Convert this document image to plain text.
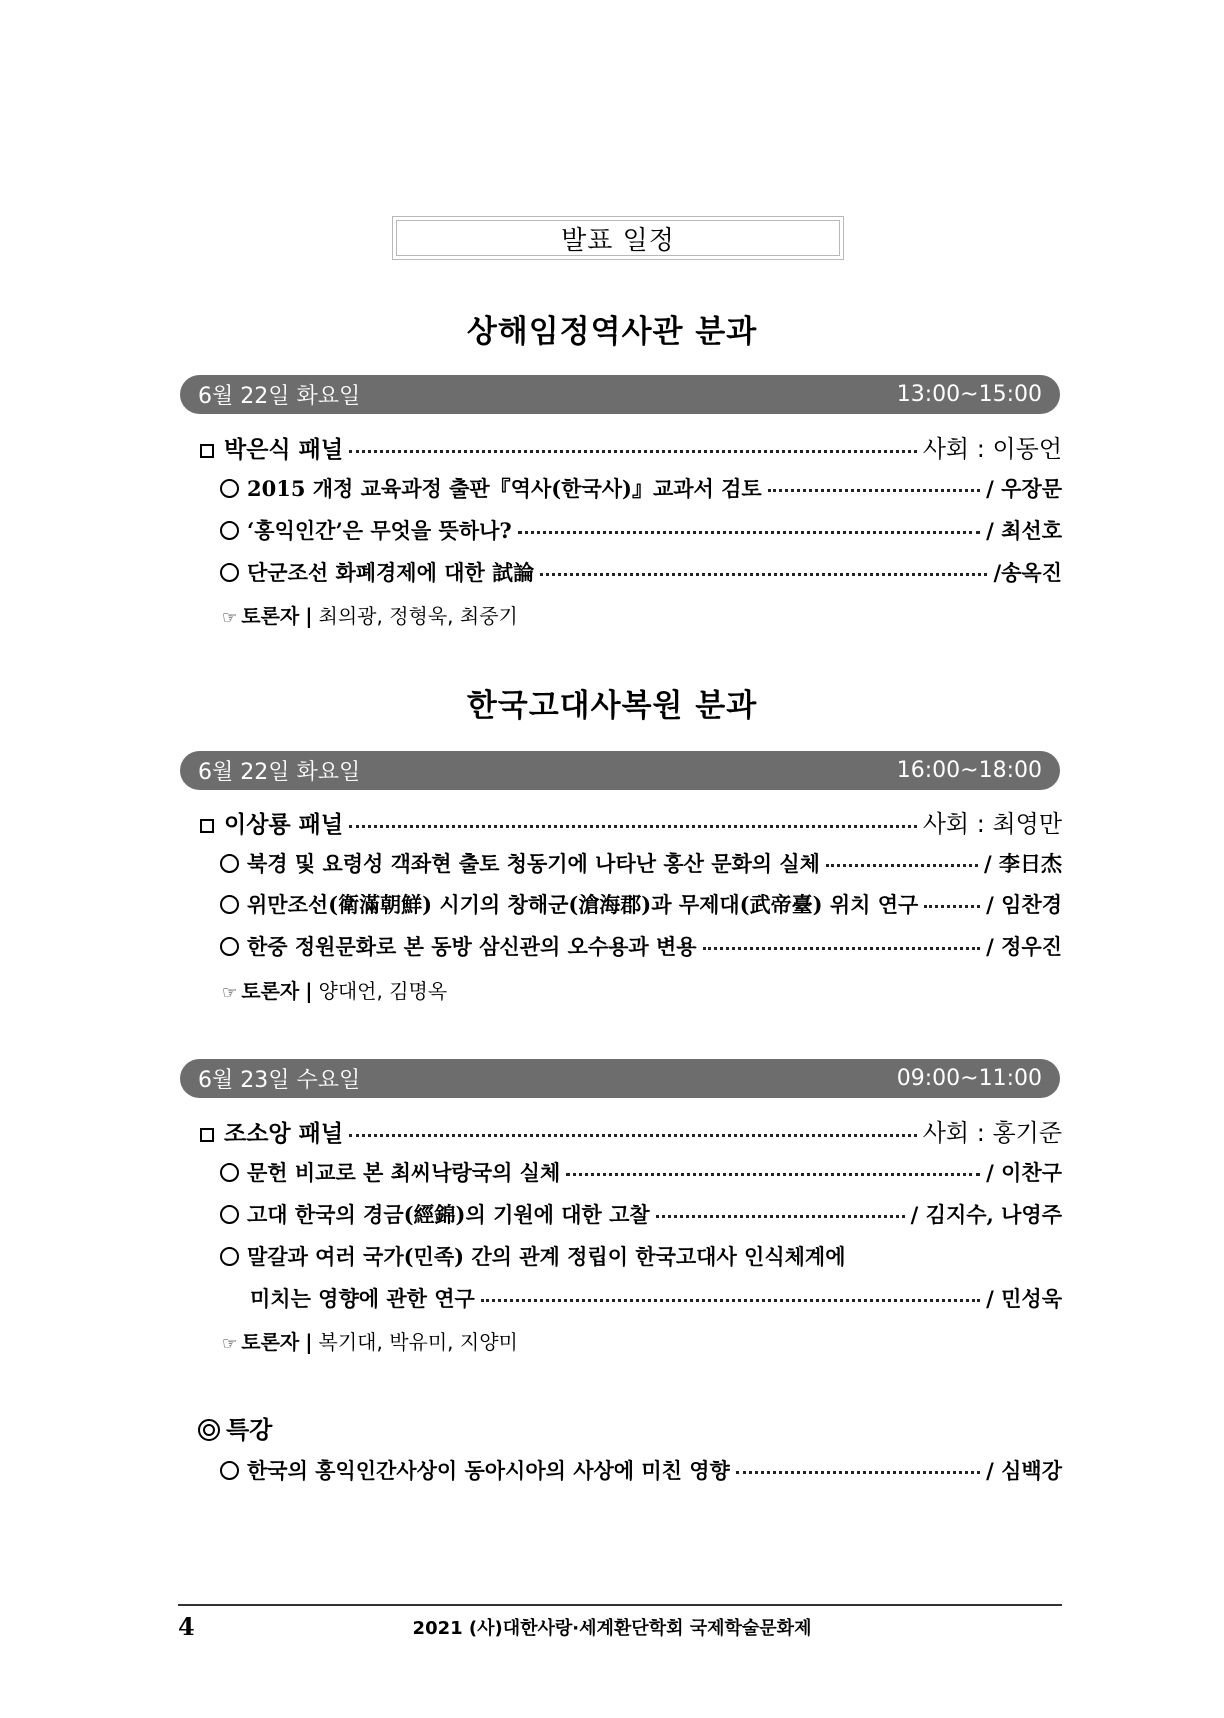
발표 일정
상해임정역사관 분과
6월 22일 화요일	13:00~15:00
박은식 패널	사회 : 이동언
2015 개정 교육과정 출판『역사(한국사)』교과서 검토	/ 우장문
‘홍익인간’은 무엇을 뜻하나?	/ 최선호
단군조선 화폐경제에 대한 試論	/송옥진
☞ 토론자 | 최의광, 정형욱, 최중기
한국고대사복원 분과
6월 22일 화요일	16:00~18:00
이상룡 패널	사회 : 최영만
북경 및 요령성 객좌현 출토 청동기에 나타난 홍산 문화의 실체	/ 李日杰
위만조선(衛滿朝鮮) 시기의 창해군(滄海郡)과 무제대(武帝臺) 위치 연구	/ 임찬경
한중 정원문화로 본 동방 삼신관의 오수용과 변용	/ 정우진
☞ 토론자 | 양대언, 김명옥
6월 23일 수요일	09:00~11:00
조소앙 패널	사회 : 홍기준
문헌 비교로 본 최씨낙랑국의 실체	/ 이찬구
고대 한국의 경금(經錦)의 기원에 대한 고찰	/ 김지수, 나영주
말갈과 여러 국가(민족) 간의 관계 정립이 한국고대사 인식체계에
미치는 영향에 관한 연구	/ 민성욱
☞ 토론자 | 복기대, 박유미, 지양미
특강
한국의 홍익인간사상이 동아시아의 사상에 미친 영향	/ 심백강
4	2021 (사)대한사랑·세계환단학회 국제학술문화제
